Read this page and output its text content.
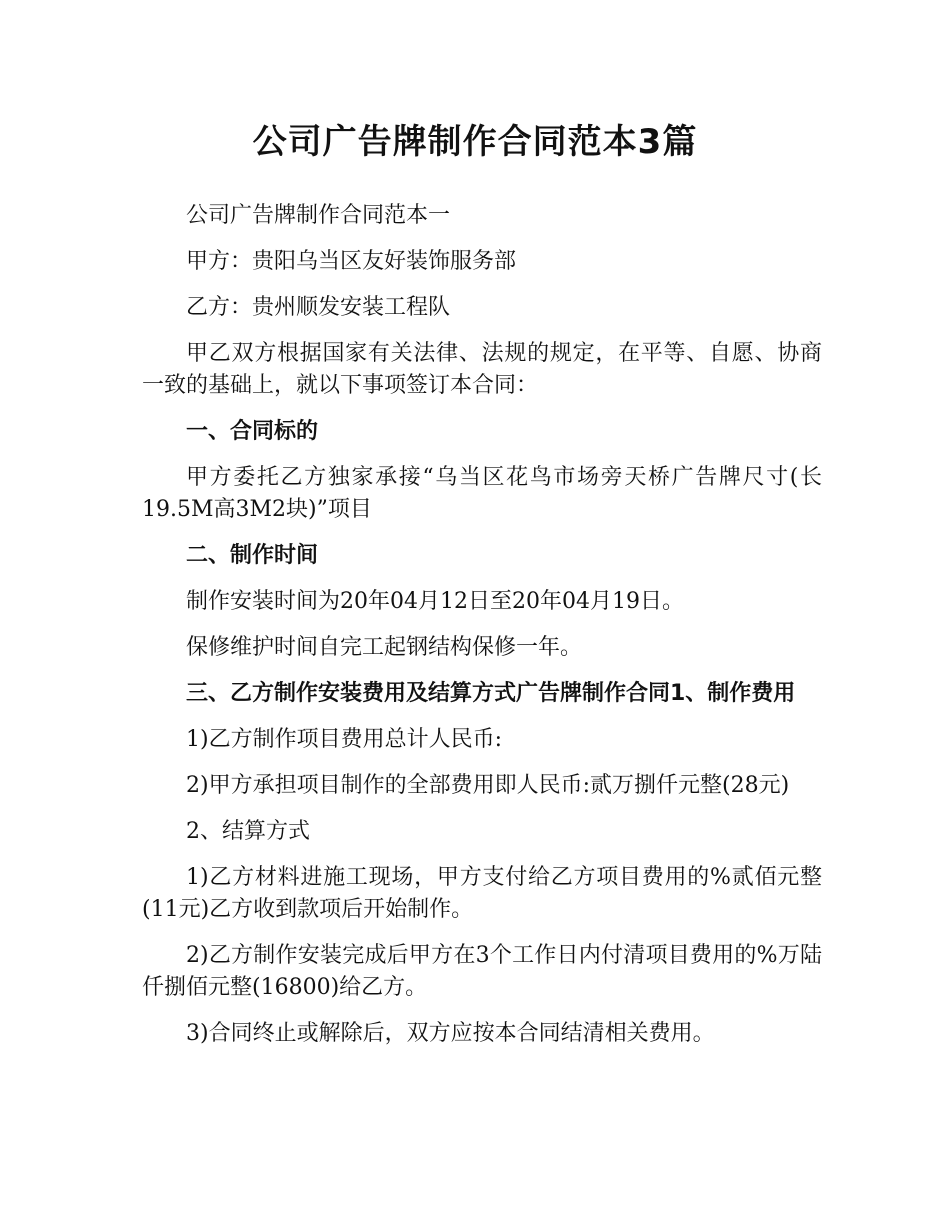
公司广告牌制作合同范本3篇

公司广告牌制作合同范本一

甲方：贵阳乌当区友好装饰服务部

乙方：贵州顺发安装工程队

甲乙双方根据国家有关法律、法规的规定，在平等、自愿、协商一致的基础上，就以下事项签订本合同：

一、合同标的

甲方委托乙方独家承接“乌当区花鸟市场旁天桥广告牌尺寸(长19.5M高3M2块)”项目

二、制作时间

制作安装时间为20年04月12日至20年04月19日。

保修维护时间自完工起钢结构保修一年。

三、乙方制作安装费用及结算方式广告牌制作合同1、制作费用

1)乙方制作项目费用总计人民币:

2)甲方承担项目制作的全部费用即人民币:贰万捌仟元整(28元)

2、结算方式

1)乙方材料进施工现场，甲方支付给乙方项目费用的%贰佰元整(11元)乙方收到款项后开始制作。

2)乙方制作安装完成后甲方在3个工作日内付清项目费用的%万陆仟捌佰元整(16800)给乙方。

3)合同终止或解除后，双方应按本合同结清相关费用。
